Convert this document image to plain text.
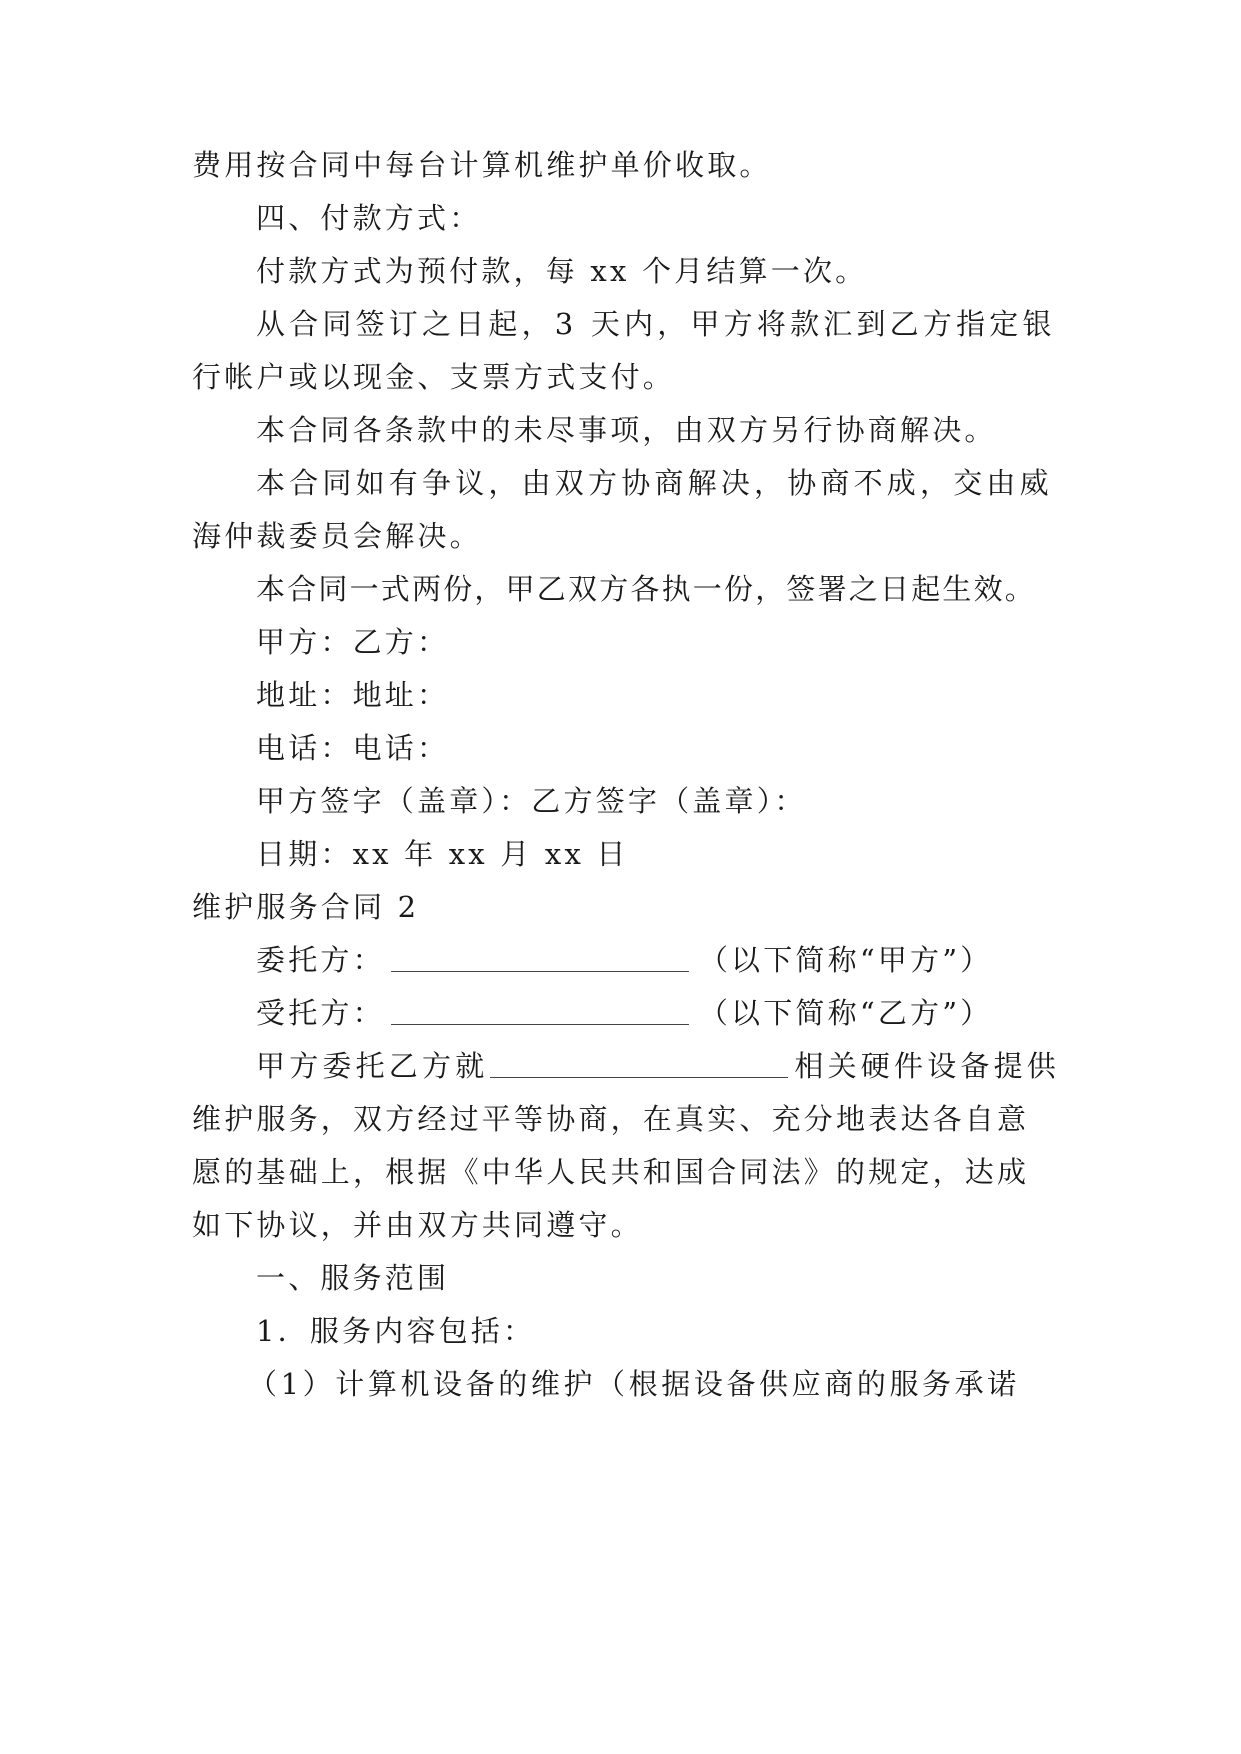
费用按合同中每台计算机维护单价收取。
四、付款方式：
付款方式为预付款，每 xx 个月结算一次。
从合同签订之日起，3 天内，甲方将款汇到乙方指定银
行帐户或以现金、支票方式支付。
本合同各条款中的未尽事项，由双方另行协商解决。
本合同如有争议，由双方协商解决，协商不成，交由威
海仲裁委员会解决。
本合同一式两份，甲乙双方各执一份，签署之日起生效。
甲方：乙方：
地址：地址：
电话：电话：
甲方签字（盖章）：乙方签字（盖章）：
日期：xx 年 xx 月 xx 日
维护服务合同 2
委托方：	（以下简称“甲方”）
受托方：	（以下简称“乙方”）
甲方委托乙方就	相关硬件设备提供
维护服务，双方经过平等协商，在真实、充分地表达各自意
愿的基础上，根据《中华人民共和国合同法》的规定，达成
如下协议，并由双方共同遵守。
一、服务范围
1．服务内容包括：
（1）计算机设备的维护（根据设备供应商的服务承诺
